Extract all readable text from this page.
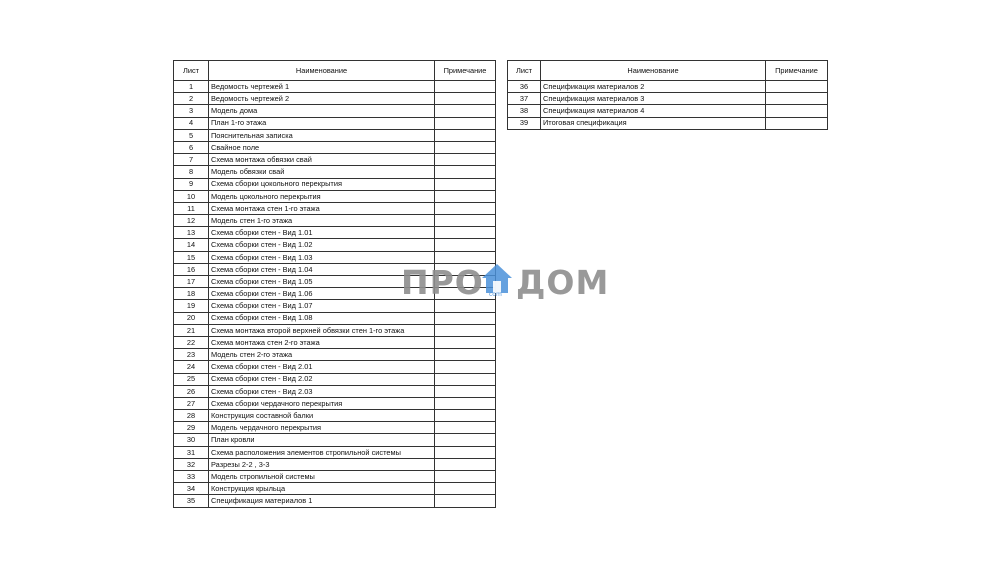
Лист	Наименование	Примечание
1	Ведомость чертежей 1	
2	Ведомость чертежей 2	
3	Модель дома	
4	План 1-го этажа	
5	Пояснительная записка	
6	Свайное поле	
7	Схема монтажа обвязки свай	
8	Модель обвязки свай	
9	Схема сборки цокольного перекрытия	
10	Модель цокольного перекрытия	
11	Схема монтажа стен 1-го этажа	
12	Модель стен 1-го этажа	
13	Схема сборки стен - Вид 1.01	
14	Схема сборки стен - Вид 1.02	
15	Схема сборки стен - Вид 1.03	
16	Схема сборки стен - Вид 1.04	
17	Схема сборки стен - Вид 1.05	
18	Схема сборки стен - Вид 1.06	
19	Схема сборки стен - Вид 1.07	
20	Схема сборки стен - Вид 1.08	
21	Схема монтажа второй верхней обвязки стен 1-го этажа	
22	Схема монтажа стен 2-го этажа	
23	Модель стен 2-го этажа	
24	Схема сборки стен - Вид 2.01	
25	Схема сборки стен - Вид 2.02	
26	Схема сборки стен - Вид 2.03	
27	Схема сборки чердачного перекрытия	
28	Конструкция составной балки	
29	Модель чердачного перекрытия	
30	План кровли	
31	Схема расположения элементов стропильной системы	
32	Разрезы 2-2 , 3-3	
33	Модель стропильной системы	
34	Конструкция крыльца	
35	Спецификация материалов 1	
Лист	Наименование	Примечание
36	Спецификация материалов 2	
37	Спецификация материалов 3	
38	Спецификация материалов 4	
39	Итоговая спецификация	
ПРО com ДОМ
